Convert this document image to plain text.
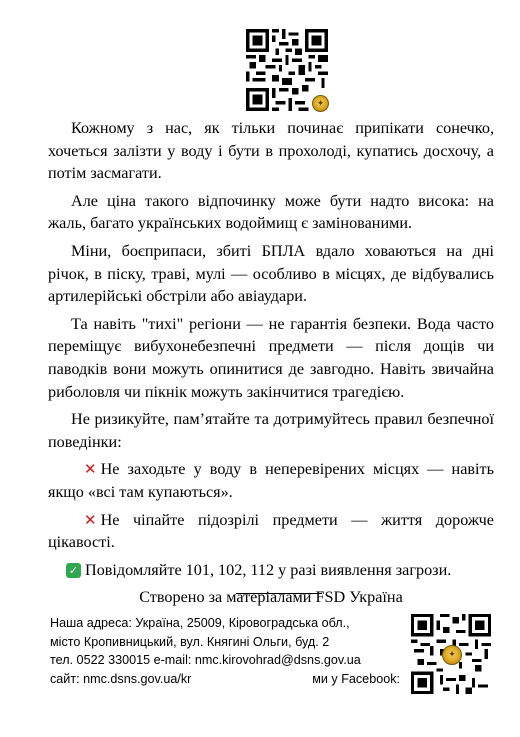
✦

Кожному з нас, як тільки починає припікати сонечко, хочеться залізти у воду і бути в прохолоді, купатись досхочу, а потім засмагати.

Але ціна такого відпочинку може бути надто висока: на жаль, багато українських водоймищ є замінованими.

Міни, боєприпаси, збиті БПЛА вдало ховаються на дні річок, в піску, траві, мулі — особливо в місцях, де відбувались артилерійські обстріли або авіаудари.

Та навіть "тихі" регіони — не гарантія безпеки. Вода часто переміщує вибухонебезпечні предмети — після дощів чи паводків вони можуть опинитися де завгодно. Навіть звичайна риболовля чи пікнік можуть закінчитися трагедією.

Не ризикуйте, пам’ятайте та дотримуйтесь правил безпечної поведінки:

✕ Не заходьте у воду в неперевірених місцях — навіть якщо «всі там купаються».

✕ Не чіпайте підозрілі предмети — життя дорожче цікавості.

✓ Повідомляйте 101, 102, 112 у разі виявлення загрози.

Створено за матеріалами FSD Україна

Наша адреса: Україна, 25009, Кіровоградська обл.,
місто Кропивницький, вул. Княгині Ольги, буд. 2
тел. 0522 330015 e-mail: nmc.kirovohrad@dsns.gov.ua
сайт: nmc.dsns.gov.ua/kr	ми у Facebook:
✦
